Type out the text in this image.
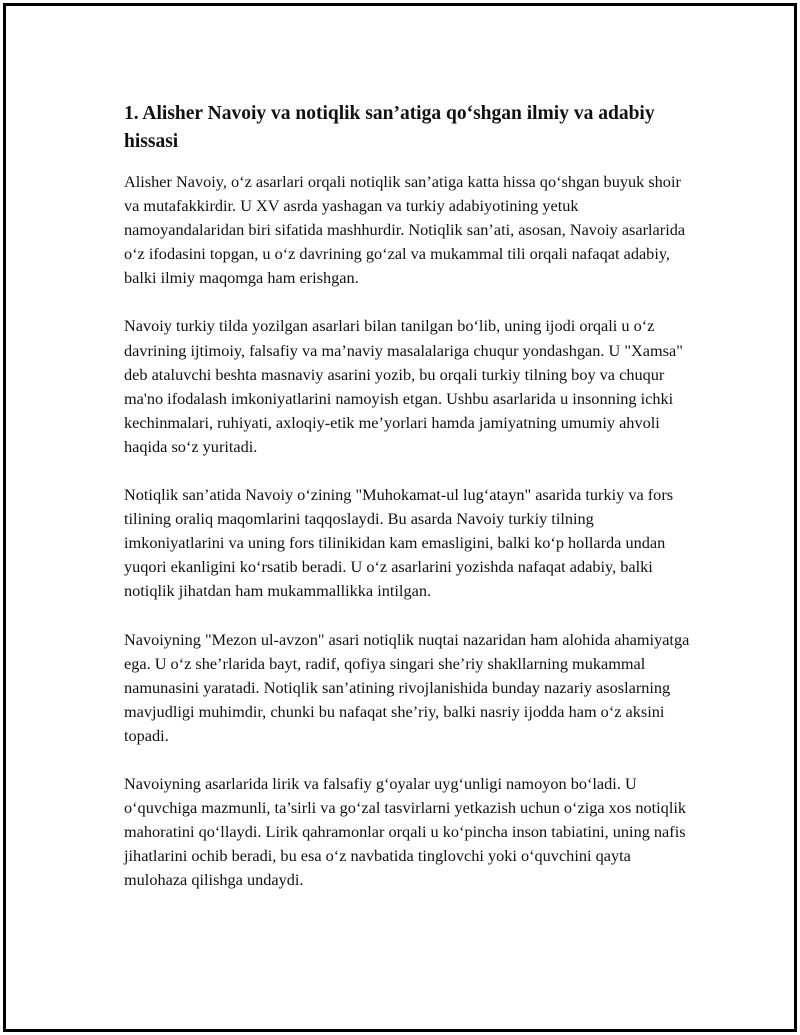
1. Alisher Navoiy va notiqlik san’atiga qo‘shgan ilmiy va adabiy hissasi

Alisher Navoiy, o‘z asarlari orqali notiqlik san’atiga katta hissa qo‘shgan buyuk shoir va mutafakkirdir. U XV asrda yashagan va turkiy adabiyotining yetuk namoyandalaridan biri sifatida mashhurdir. Notiqlik san’ati, asosan, Navoiy asarlarida o‘z ifodasini topgan, u o‘z davrining go‘zal va mukammal tili orqali nafaqat adabiy, balki ilmiy maqomga ham erishgan.

Navoiy turkiy tilda yozilgan asarlari bilan tanilgan bo‘lib, uning ijodi orqali u o‘z davrining ijtimoiy, falsafiy va ma’naviy masalalariga chuqur yondashgan. U "Xamsa" deb ataluvchi beshta masnaviy asarini yozib, bu orqali turkiy tilning boy va chuqur ma'no ifodalash imkoniyatlarini namoyish etgan. Ushbu asarlarida u insonning ichki kechinmalari, ruhiyati, axloqiy-etik me’yorlari hamda jamiyatning umumiy ahvoli haqida so‘z yuritadi.

Notiqlik san’atida Navoiy o‘zining "Muhokamat-ul lug‘atayn" asarida turkiy va fors tilining oraliq maqomlarini taqqoslaydi. Bu asarda Navoiy turkiy tilning imkoniyatlarini va uning fors tilinikidan kam emasligini, balki ko‘p hollarda undan yuqori ekanligini ko‘rsatib beradi. U o‘z asarlarini yozishda nafaqat adabiy, balki notiqlik jihatdan ham mukammallikka intilgan.

Navoiyning "Mezon ul-avzon" asari notiqlik nuqtai nazaridan ham alohida ahamiyatga ega. U o‘z she’rlarida bayt, radif, qofiya singari she’riy shakllarning mukammal namunasini yaratadi. Notiqlik san’atining rivojlanishida bunday nazariy asoslarning mavjudligi muhimdir, chunki bu nafaqat she’riy, balki nasriy ijodda ham o‘z aksini topadi.

Navoiyning asarlarida lirik va falsafiy g‘oyalar uyg‘unligi namoyon bo‘ladi. U o‘quvchiga mazmunli, ta’sirli va go‘zal tasvirlarni yetkazish uchun o‘ziga xos notiqlik mahoratini qo‘llaydi. Lirik qahramonlar orqali u ko‘pincha inson tabiatini, uning nafis jihatlarini ochib beradi, bu esa o‘z navbatida tinglovchi yoki o‘quvchini qayta mulohaza qilishga undaydi.
